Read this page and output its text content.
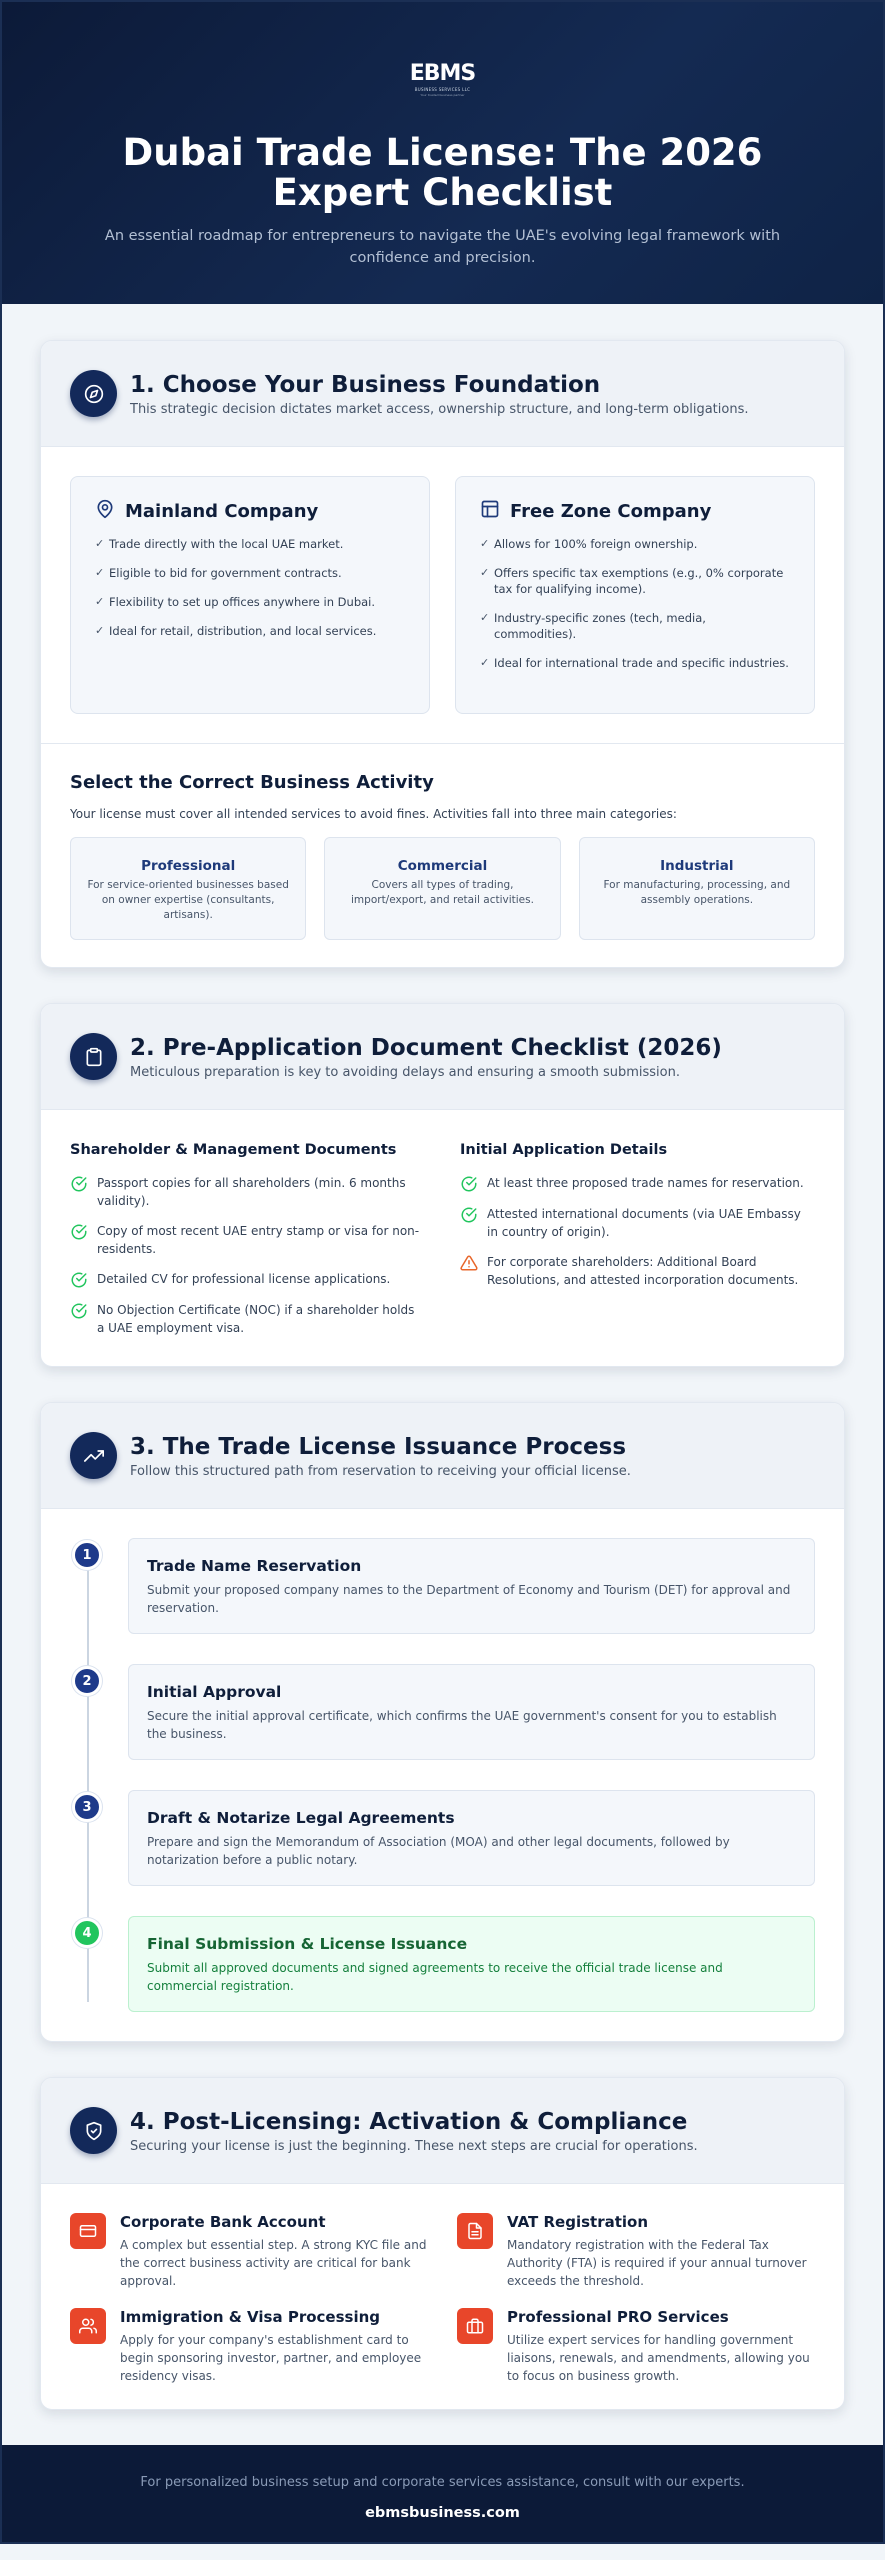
EBMS
BUSINESS SERVICES LLC
Your trusted business partner
Dubai Trade License: The 2026 Expert Checklist

An essential roadmap for entrepreneurs to navigate the UAE's evolving legal framework with confidence and precision.

1. Choose Your Business Foundation

This strategic decision dictates market access, ownership structure, and long-term obligations.

Mainland Company
✓ Trade directly with the local UAE market.
✓ Eligible to bid for government contracts.
✓ Flexibility to set up offices anywhere in Dubai.
✓ Ideal for retail, distribution, and local services.
Free Zone Company
✓ Allows for 100% foreign ownership.
✓ Offers specific tax exemptions (e.g., 0% corporate tax for qualifying income).
✓ Industry-specific zones (tech, media, commodities).
✓ Ideal for international trade and specific industries.
Select the Correct Business Activity

Your license must cover all intended services to avoid fines. Activities fall into three main categories:

Professional
For service-oriented businesses based on owner expertise (consultants, artisans).
Commercial
Covers all types of trading, import/export, and retail activities.
Industrial
For manufacturing, processing, and assembly operations.
2. Pre-Application Document Checklist (2026)

Meticulous preparation is key to avoiding delays and ensuring a smooth submission.

Shareholder & Management Documents
Passport copies for all shareholders (min. 6 months validity).
Copy of most recent UAE entry stamp or visa for non-residents.
Detailed CV for professional license applications.
No Objection Certificate (NOC) if a shareholder holds a UAE employment visa.
Initial Application Details
At least three proposed trade names for reservation.
Attested international documents (via UAE Embassy in country of origin).
For corporate shareholders: Additional Board Resolutions, and attested incorporation documents.
3. The Trade License Issuance Process

Follow this structured path from reservation to receiving your official license.

1
Trade Name Reservation

Submit your proposed company names to the Department of Economy and Tourism (DET) for approval and reservation.

2
Initial Approval

Secure the initial approval certificate, which confirms the UAE government's consent for you to establish the business.

3
Draft & Notarize Legal Agreements

Prepare and sign the Memorandum of Association (MOA) and other legal documents, followed by notarization before a public notary.

4
Final Submission & License Issuance

Submit all approved documents and signed agreements to receive the official trade license and commercial registration.

4. Post-Licensing: Activation & Compliance

Securing your license is just the beginning. These next steps are crucial for operations.

Corporate Bank Account

A complex but essential step. A strong KYC file and the correct business activity are critical for bank approval.

VAT Registration

Mandatory registration with the Federal Tax Authority (FTA) is required if your annual turnover exceeds the threshold.

Immigration & Visa Processing

Apply for your company's establishment card to begin sponsoring investor, partner, and employee residency visas.

Professional PRO Services

Utilize expert services for handling government liaisons, renewals, and amendments, allowing you to focus on business growth.

For personalized business setup and corporate services assistance, consult with our experts.
ebmsbusiness.com
